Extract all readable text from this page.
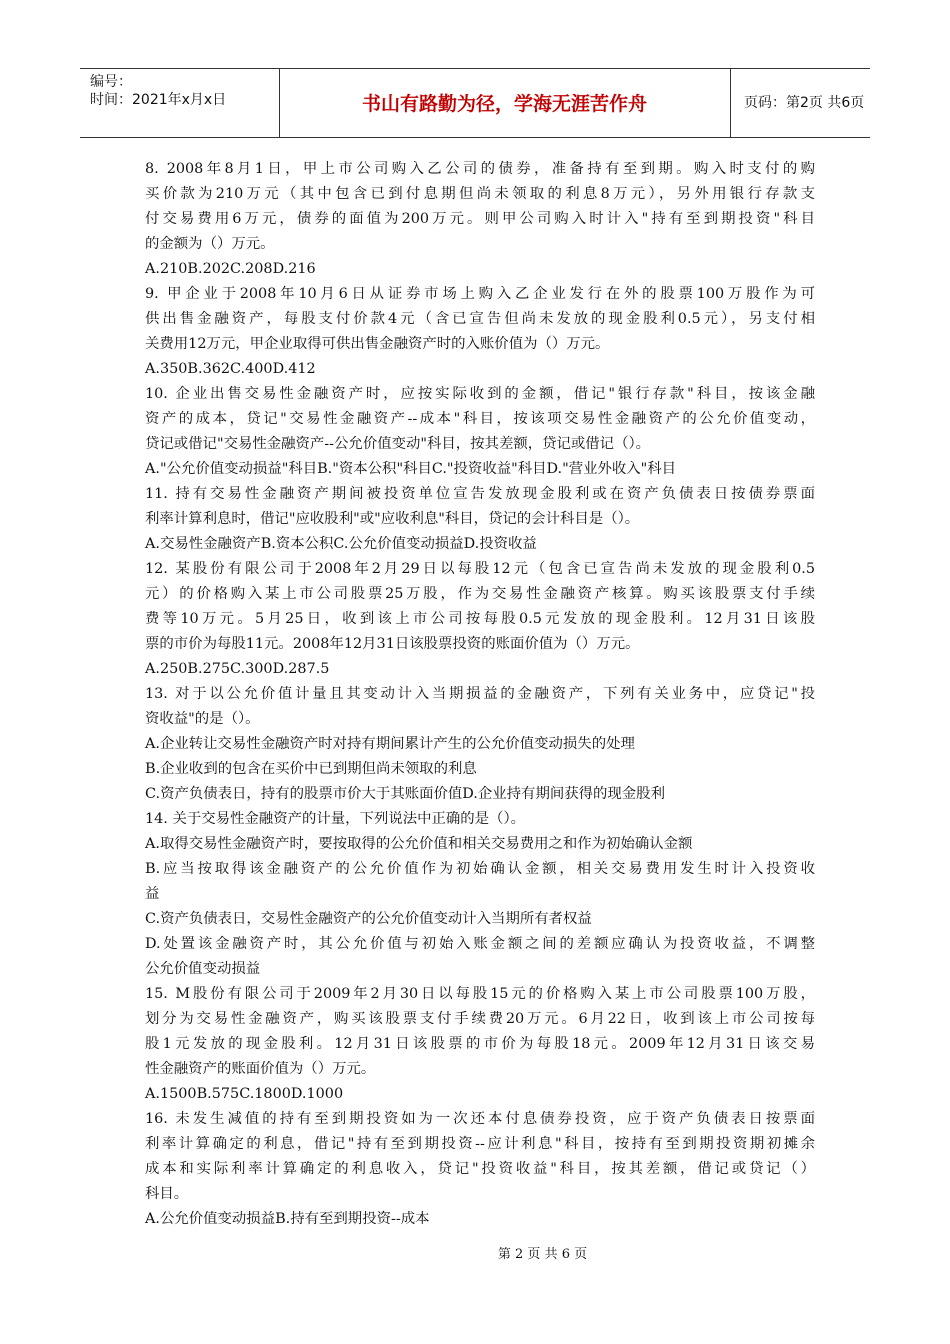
编号：
时间：2021年x月x日	书山有路勤为径，学海无涯苦作舟	页码：第2页 共6页
8. 2008年8月1日，甲上市公司购入乙公司的债券，准备持有至到期。购入时支付的购
买价款为210万元（其中包含已到付息期但尚未领取的利息8万元），另外用银行存款支
付交易费用6万元，债券的面值为200万元。则甲公司购入时计入"持有至到期投资"科目
的金额为（）万元。
A.210B.202C.208D.216
9. 甲企业于2008年10月6日从证券市场上购入乙企业发行在外的股票100万股作为可
供出售金融资产，每股支付价款4元（含已宣告但尚未发放的现金股利0.5元），另支付相
关费用12万元，甲企业取得可供出售金融资产时的入账价值为（）万元。
A.350B.362C.400D.412
10. 企业出售交易性金融资产时，应按实际收到的金额，借记"银行存款"科目，按该金融
资产的成本，贷记"交易性金融资产--成本"科目，按该项交易性金融资产的公允价值变动，
贷记或借记"交易性金融资产--公允价值变动"科目，按其差额，贷记或借记（）。
A."公允价值变动损益"科目B."资本公积"科目C."投资收益"科目D."营业外收入"科目
11. 持有交易性金融资产期间被投资单位宣告发放现金股利或在资产负债表日按债券票面
利率计算利息时，借记"应收股利"或"应收利息"科目，贷记的会计科目是（）。
A.交易性金融资产B.资本公积C.公允价值变动损益D.投资收益
12. 某股份有限公司于2008年2月29日以每股12元（包含已宣告尚未发放的现金股利0.5
元）的价格购入某上市公司股票25万股，作为交易性金融资产核算。购买该股票支付手续
费等10万元。5月25日，收到该上市公司按每股0.5元发放的现金股利。12月31日该股
票的市价为每股11元。2008年12月31日该股票投资的账面价值为（）万元。
A.250B.275C.300D.287.5
13. 对于以公允价值计量且其变动计入当期损益的金融资产，下列有关业务中，应贷记"投
资收益"的是（）。
A.企业转让交易性金融资产时对持有期间累计产生的公允价值变动损失的处理
B.企业收到的包含在买价中已到期但尚未领取的利息
C.资产负债表日，持有的股票市价大于其账面价值D.企业持有期间获得的现金股利
14. 关于交易性金融资产的计量，下列说法中正确的是（）。
A.取得交易性金融资产时，要按取得的公允价值和相关交易费用之和作为初始确认金额
B.应当按取得该金融资产的公允价值作为初始确认金额，相关交易费用发生时计入投资收
益
C.资产负债表日，交易性金融资产的公允价值变动计入当期所有者权益
D.处置该金融资产时，其公允价值与初始入账金额之间的差额应确认为投资收益，不调整
公允价值变动损益
15. M股份有限公司于2009年2月30日以每股15元的价格购入某上市公司股票100万股，
划分为交易性金融资产，购买该股票支付手续费20万元。6月22日，收到该上市公司按每
股1元发放的现金股利。12月31日该股票的市价为每股18元。2009年12月31日该交易
性金融资产的账面价值为（）万元。
A.1500B.575C.1800D.1000
16. 未发生减值的持有至到期投资如为一次还本付息债券投资，应于资产负债表日按票面
利率计算确定的利息，借记"持有至到期投资--应计利息"科目，按持有至到期投资期初摊余
成本和实际利率计算确定的利息收入，贷记"投资收益"科目，按其差额，借记或贷记（）
科目。
A.公允价值变动损益B.持有至到期投资--成本
第 2 页 共 6 页
